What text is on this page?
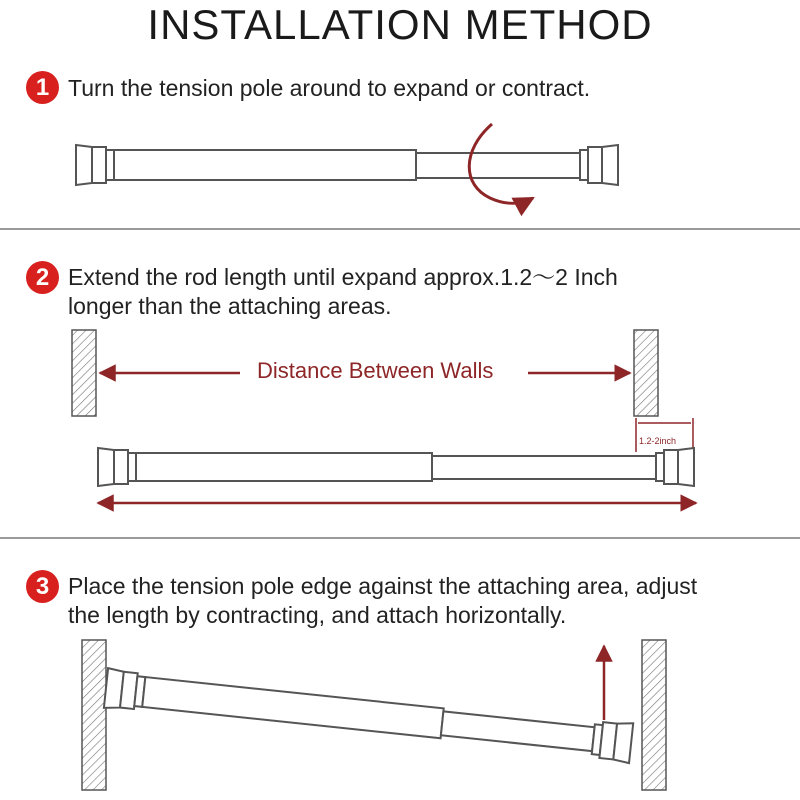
INSTALLATION METHOD
1 Turn the tension pole around to expand or contract.
2 Extend the rod length until expand approx.1.2〜2 Inch
longer than the attaching areas.
Distance Between Walls
1.2-2inch
3 Place the tension pole edge against the attaching area, adjust
the length by contracting, and attach horizontally.
